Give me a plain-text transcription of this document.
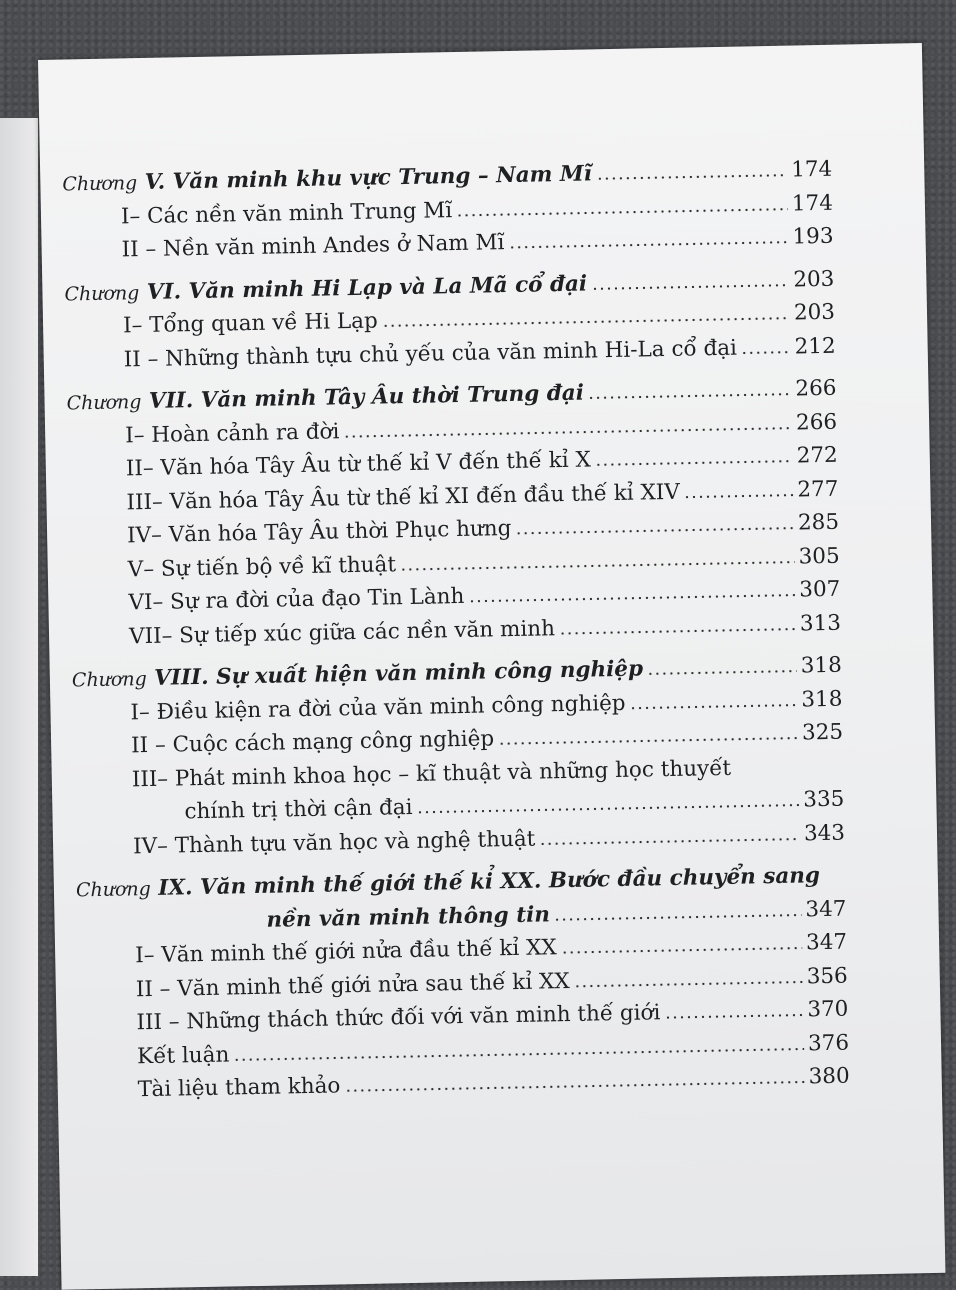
Chương V. Văn minh khu vực Trung – Nam Mĩ	174
I– Các nền văn minh Trung Mĩ	174
II – Nền văn minh Andes ở Nam Mĩ	193
Chương VI. Văn minh Hi Lạp và La Mã cổ đại	203
I– Tổng quan về Hi Lạp	203
II – Những thành tựu chủ yếu của văn minh Hi-La cổ đại	212
Chương VII. Văn minh Tây Âu thời Trung đại	266
I– Hoàn cảnh ra đời	266
II– Văn hóa Tây Âu từ thế kỉ V đến thế kỉ X	272
III– Văn hóa Tây Âu từ thế kỉ XI đến đầu thế kỉ XIV	277
IV– Văn hóa Tây Âu thời Phục hưng	285
V– Sự tiến bộ về kĩ thuật	305
VI– Sự ra đời của đạo Tin Lành	307
VII– Sự tiếp xúc giữa các nền văn minh	313
Chương VIII. Sự xuất hiện văn minh công nghiệp	318
I– Điều kiện ra đời của văn minh công nghiệp	318
II – Cuộc cách mạng công nghiệp	325
III– Phát minh khoa học – kĩ thuật và những học thuyết
chính trị thời cận đại	335
IV– Thành tựu văn học và nghệ thuật	343
Chương IX. Văn minh thế giới thế kỉ XX. Bước đầu chuyển sang
nền văn minh thông tin	347
I– Văn minh thế giới nửa đầu thế kỉ XX	347
II – Văn minh thế giới nửa sau thế kỉ XX	356
III – Những thách thức đối với văn minh thế giới	370
Kết luận	376
Tài liệu tham khảo	380
